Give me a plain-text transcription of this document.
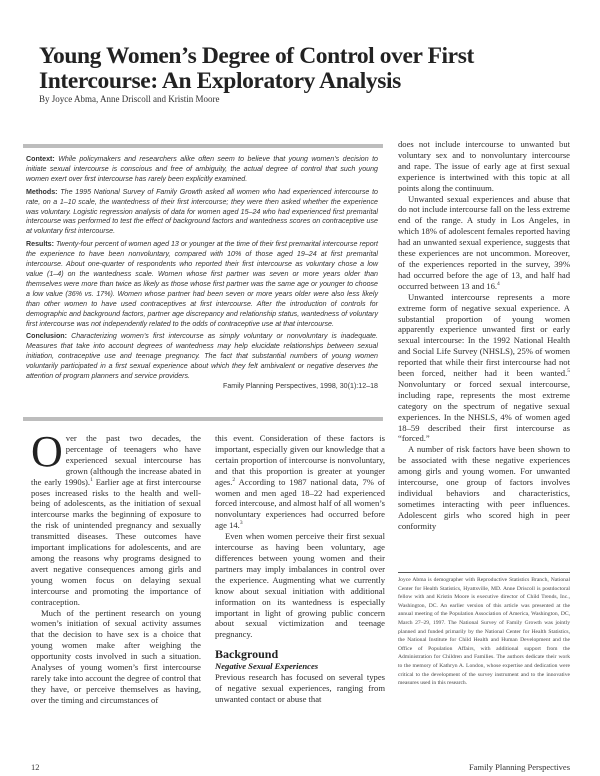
Young Women’s Degree of Control over First Intercourse: An Exploratory Analysis
By Joyce Abma, Anne Driscoll and Kristin Moore

Context: While policymakers and researchers alike often seem to believe that young women’s decision to initiate sexual intercourse is conscious and free of ambiguity, the actual degree of control that such young women exert over first intercourse has rarely been explicitly examined.

Methods: The 1995 National Survey of Family Growth asked all women who had experienced intercourse to rate, on a 1–10 scale, the wantedness of their first intercourse; they were then asked whether the experience was voluntary. Logistic regression analysis of data for women aged 15–24 who had experienced first premarital intercourse was performed to test the effect of background factors and wantedness scores on contraceptive use at voluntary first intercourse.

Results: Twenty-four percent of women aged 13 or younger at the time of their first premarital intercourse report the experience to have been nonvoluntary, compared with 10% of those aged 19–24 at first premarital intercourse. About one-quarter of respondents who reported their first intercourse as voluntary chose a low value (1–4) on the wantedness scale. Women whose first partner was seven or more years older than themselves were more than twice as likely as those whose first partner was the same age or younger to choose a low value (36% vs. 17%). Women whose partner had been seven or more years older were also less likely than other women to have used contraceptives at first intercourse. After the introduction of controls for demographic and background factors, partner age discrepancy and relationship status, wantedness of voluntary first intercourse was not independently related to the odds of contraceptive use at that intercourse.

Conclusion: Characterizing women’s first intercourse as simply voluntary or nonvoluntary is inadequate. Measures that take into account degrees of wantedness may help elucidate relationships between sexual initiation, contraceptive use and teenage pregnancy. The fact that substantial numbers of young women voluntarily participated in a first sexual experience about which they felt ambivalent or negative deserves the attention of program planners and service providers.

Family Planning Perspectives, 1998, 30(1):12–18

Over the past two decades, the percentage of teenagers who have experienced sexual intercourse has grown (although the increase abated in the early 1990s).$^1$ Earlier age at first intercourse poses increased risks to the health and well-being of adolescents, as the initiation of sexual intercourse marks the beginning of exposure to the risk of unintended pregnancy and sexually transmitted diseases. These outcomes have important implications for adolescents, and are among the reasons why programs designed to avert negative consequences among girls and young women focus on delaying sexual intercourse and promoting the importance of contraception.

Much of the pertinent research on young women’s initiation of sexual activity assumes that the decision to have sex is a choice that young women make after weighing the opportunity costs involved in such a situation. Analyses of young women’s first intercourse rarely take into account the degree of control that they have, or perceive themselves as having, over the timing and circumstances of

this event. Consideration of these factors is important, especially given our knowledge that a certain proportion of intercourse is nonvoluntary, and that this proportion is greater at younger ages.$^2$ According to 1987 national data, 7% of women and men aged 18–22 had experienced forced intercouse, and almost half of all women’s nonvoluntary experiences had occurred before age 14.$^3$

Even when women perceive their first sexual intercourse as having been voluntary, age differences between young women and their partners may imply imbalances in control over the experience. Augmenting what we currently know about sexual initiation with additional information on its wantedness is especially important in light of growing public concern about sexual victimization and teenage pregnancy.

Background
Negative Sexual Experiences

Previous research has focused on several types of negative sexual experiences, ranging from unwanted contact or abuse that

does not include intercourse to unwanted but voluntary sex and to nonvoluntary intercourse and rape. The issue of early age at first sexual experience is intertwined with this topic at all points along the continuum.

Unwanted sexual experiences and abuse that do not include intercourse fall on the less extreme end of the range. A study in Los Angeles, in which 18% of adolescent females reported having had an unwanted sexual experience, suggests that these experiences are not uncommon. Moreover, of the experiences reported in the survey, 39% had occurred before the age of 13, and half had occurred between 13 and 16.$^4$

Unwanted intercourse represents a more extreme form of negative sexual experience. A substantial proportion of young women apparently experience unwanted first or early sexual intercourse: In the 1992 National Health and Social Life Survey (NHSLS), 25% of women reported that while their first intercourse had not been forced, neither had it been wanted.$^5$ Nonvoluntary or forced sexual intercourse, including rape, represents the most extreme category on the spectrum of negative sexual experiences. In the NHSLS, 4% of women aged 18–59 described their first intercourse as “forced.”

A number of risk factors have been shown to be associated with these negative experiences among girls and young women. For unwanted intercourse, one group of factors involves individual behaviors and characteristics, sometimes interacting with peer influences. Adolescent girls who scored high in peer conformity

Joyce Abma is demographer with Reproductive Statistics Branch, National Center for Health Statistics, Hyattsville, MD. Anne Driscoll is postdoctoral fellow with and Kristin Moore is executive director of Child Trends, Inc., Washington, DC. An earlier version of this article was presented at the annual meeting of the Population Association of America, Washington, DC, March 27–29, 1997. The National Survey of Family Growth was jointly planned and funded primarily by the National Center for Health Statistics, the National Institute for Child Health and Human Development and the Office of Population Affairs, with additional support from the Administration for Children and Families. The authors dedicate their work to the memory of Kathryn A. London, whose expertise and dedication were critical to the development of the survey instrument and to the innovative measures used in this research.
12	Family Planning Perspectives
